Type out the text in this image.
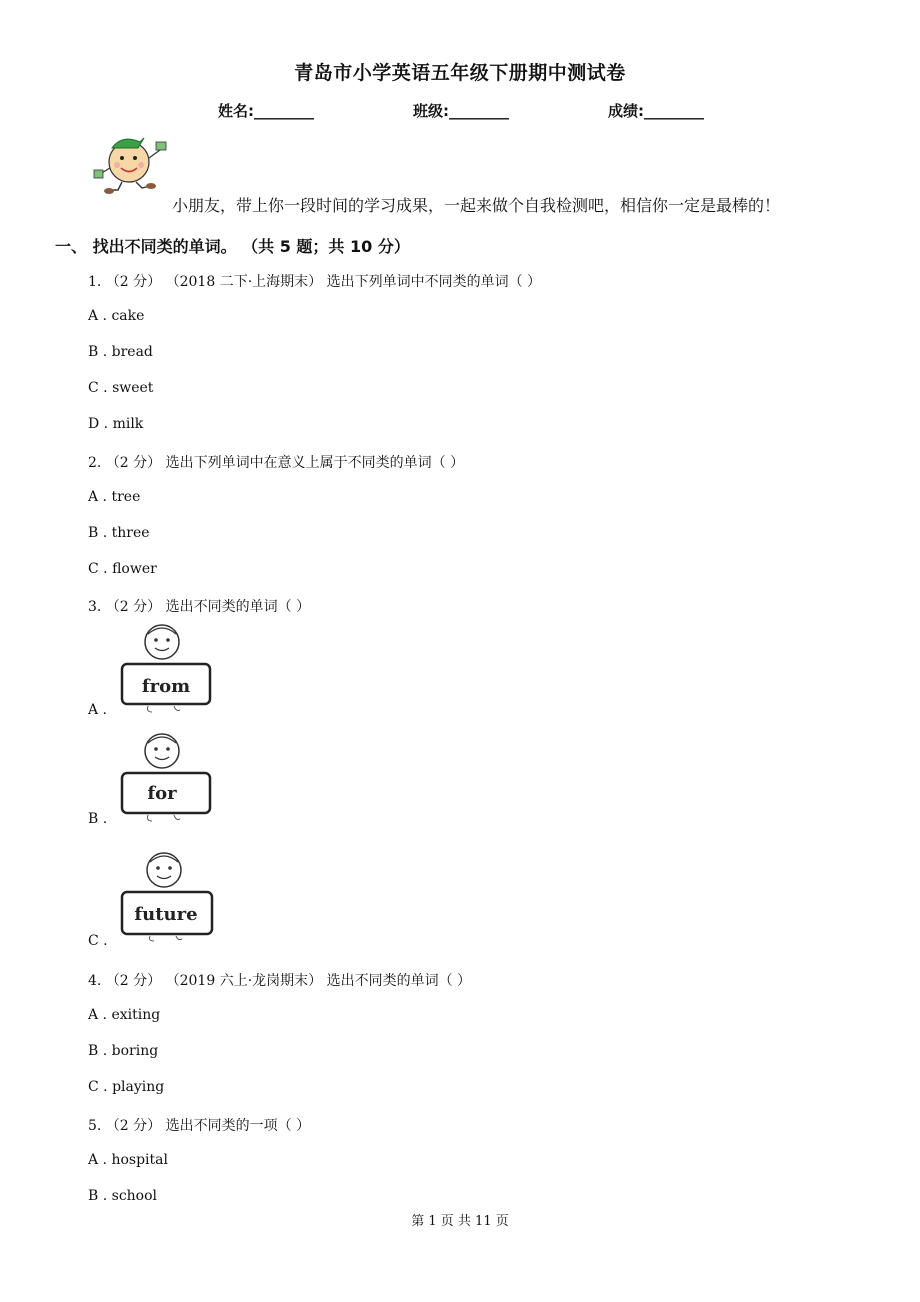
青岛市小学英语五年级下册期中测试卷
姓名:________	班级:________	成绩:________
小朋友，带上你一段时间的学习成果，一起来做个自我检测吧，相信你一定是最棒的！
一、 找出不同类的单词。 （共 5 题；共 10 分）
1. （2 分） （2018 二下·上海期末） 选出下列单词中不同类的单词（ ）
A . cake
B . bread
C . sweet
D . milk
2. （2 分） 选出下列单词中在意义上属于不同类的单词（ ）
A . tree
B . three
C . flower
3. （2 分） 选出不同类的单词（ ）
A .
from
B .
for
C .
future
4. （2 分） （2019 六上·龙岗期末） 选出不同类的单词（ ）
A . exiting
B . boring
C . playing
5. （2 分） 选出不同类的一项（ ）
A . hospital
B . school
第 1 页 共 11 页
